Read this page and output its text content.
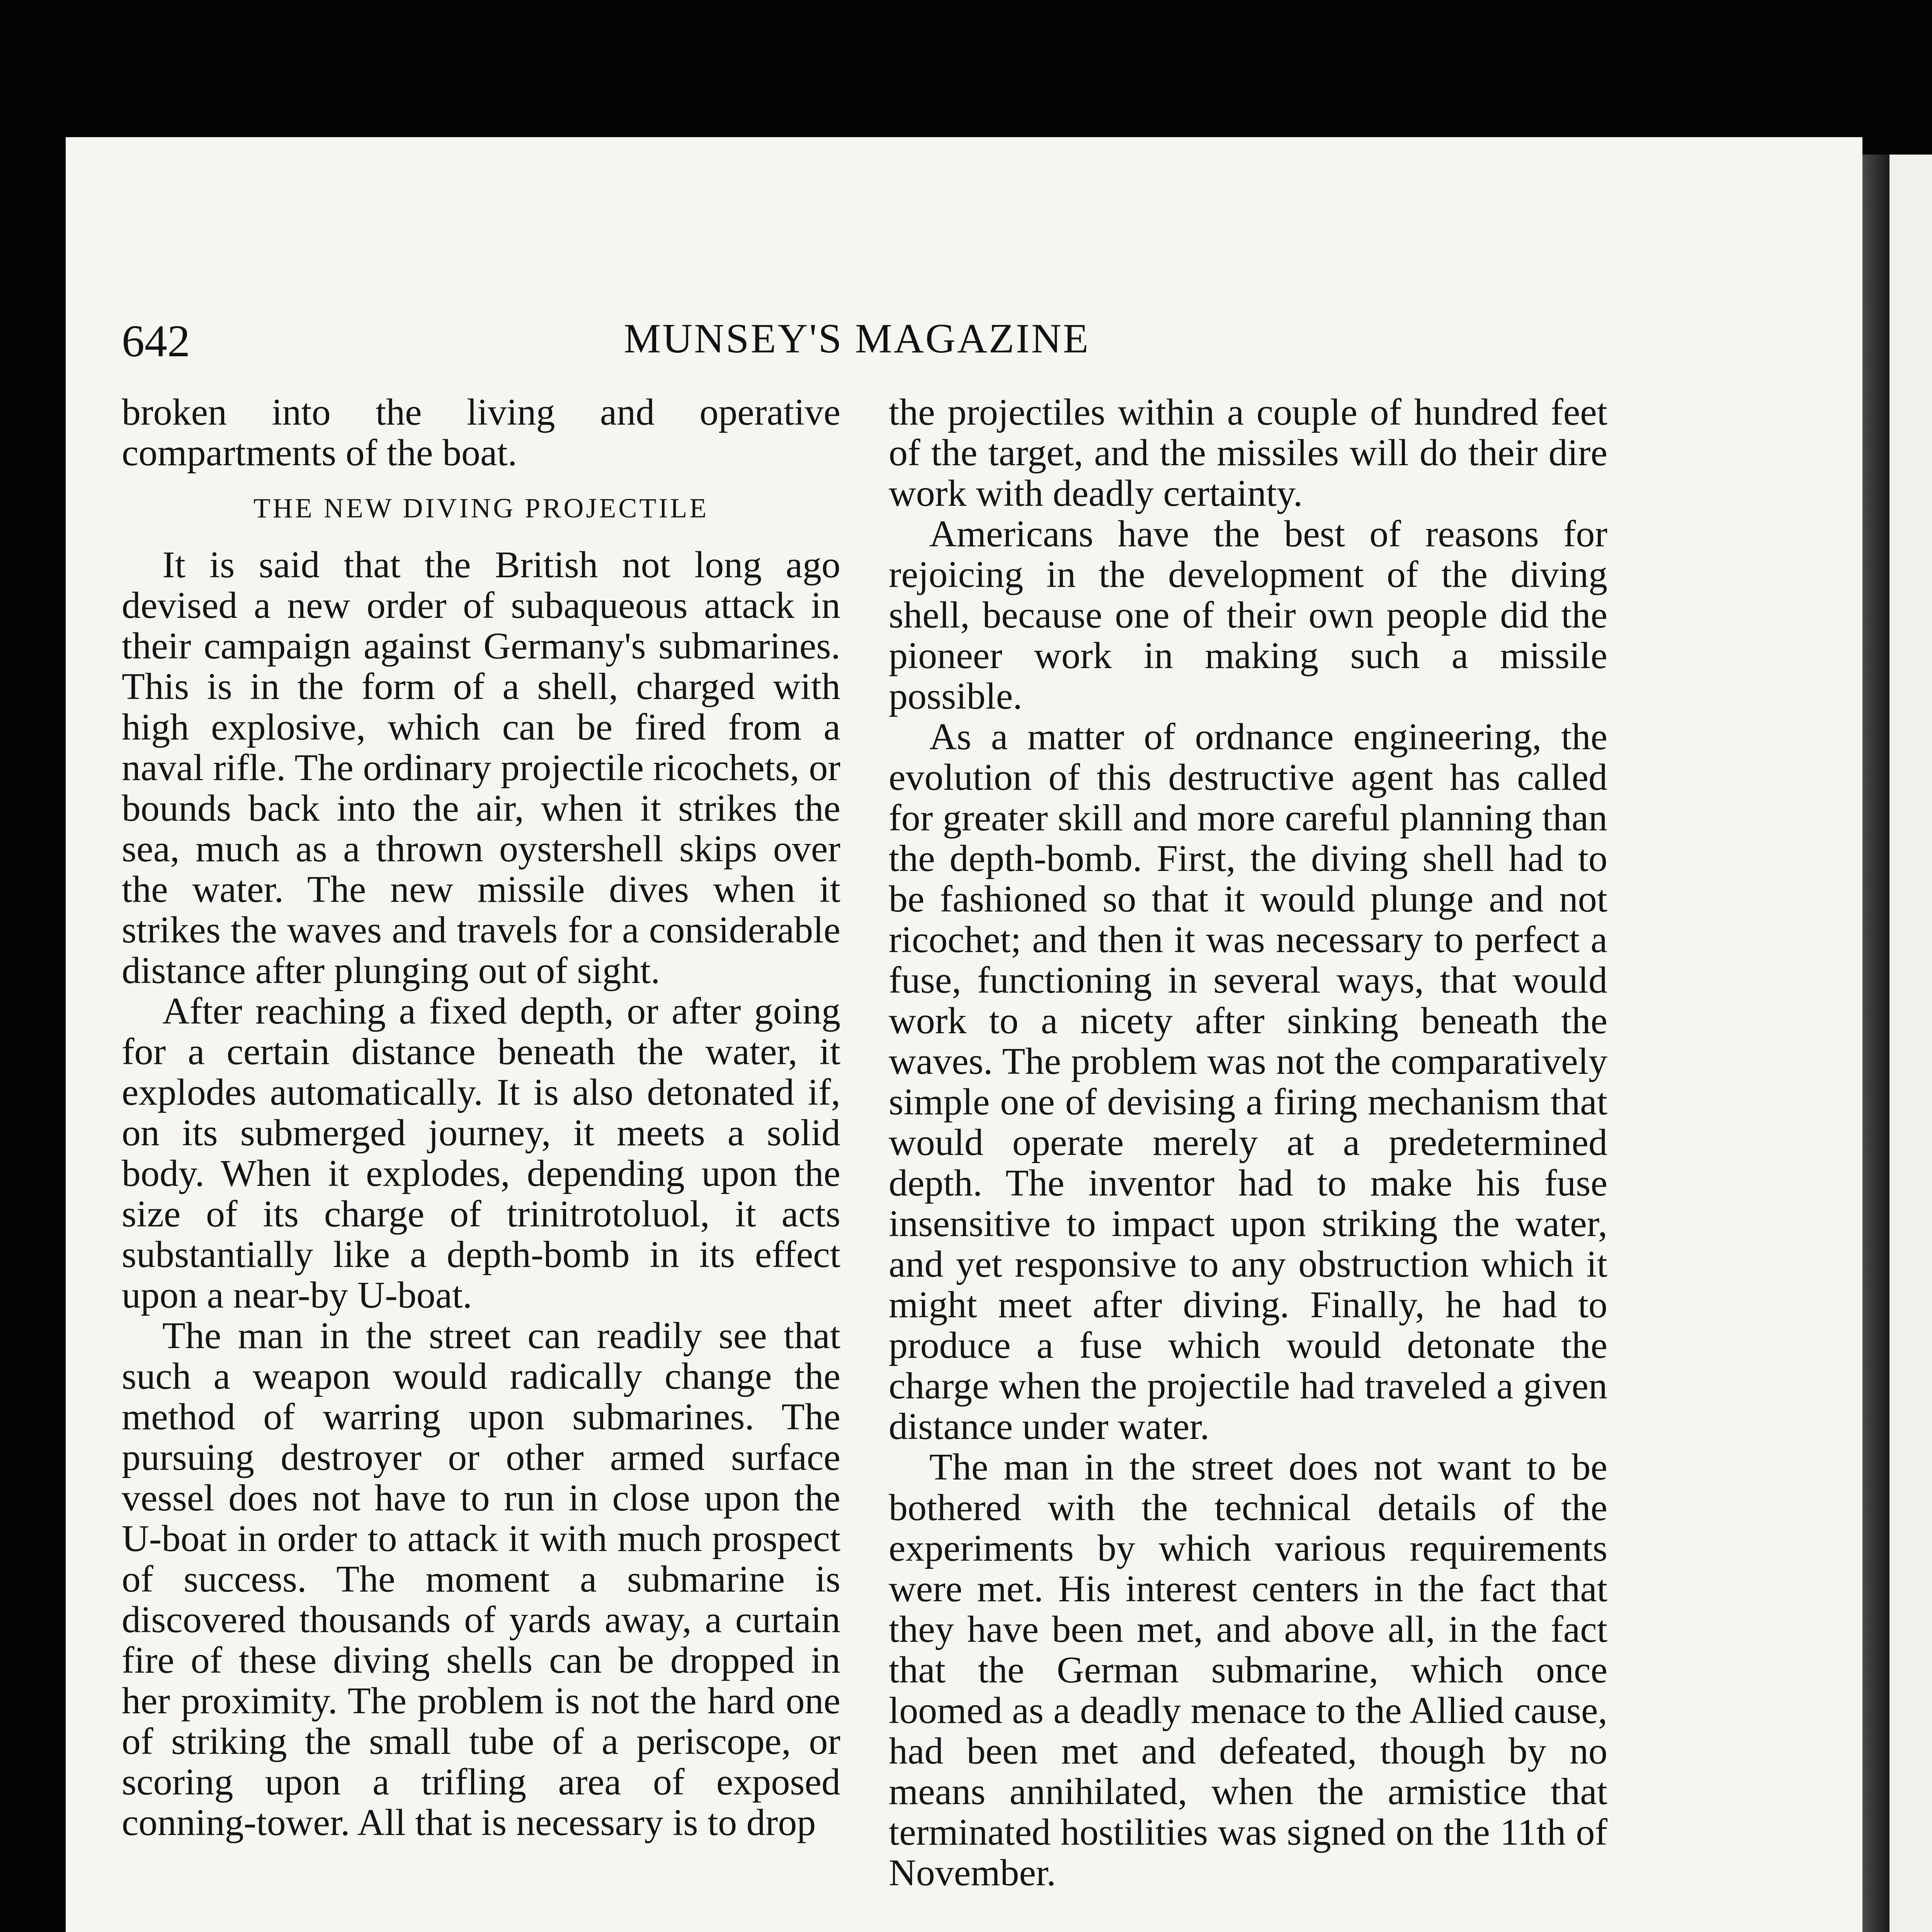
642	MUNSEY'S MAGAZINE

broken into the living and operative compartments of the boat.

THE NEW DIVING PROJECTILE

It is said that the British not long ago devised a new order of subaqueous attack in their campaign against Germany's submarines. This is in the form of a shell, charged with high explosive, which can be fired from a naval rifle. The ordinary projectile ricochets, or bounds back into the air, when it strikes the sea, much as a thrown oystershell skips over the water. The new missile dives when it strikes the waves and travels for a considerable distance after plunging out of sight.

After reaching a fixed depth, or after going for a certain distance beneath the water, it explodes automatically. It is also detonated if, on its submerged journey, it meets a solid body. When it explodes, depending upon the size of its charge of trinitrotoluol, it acts substantially like a depth-bomb in its effect upon a near-by U-boat.

The man in the street can readily see that such a weapon would radically change the method of warring upon submarines. The pursuing destroyer or other armed surface vessel does not have to run in close upon the U-boat in order to attack it with much prospect of success. The moment a submarine is discovered thousands of yards away, a curtain fire of these diving shells can be dropped in her proximity. The problem is not the hard one of striking the small tube of a periscope, or scoring upon a trifling area of exposed conning-tower. All that is necessary is to drop

the projectiles within a couple of hundred feet of the target, and the missiles will do their dire work with deadly certainty.

Americans have the best of reasons for rejoicing in the development of the diving shell, because one of their own people did the pioneer work in making such a missile possible.

As a matter of ordnance engineering, the evolution of this destructive agent has called for greater skill and more careful planning than the depth-bomb. First, the diving shell had to be fashioned so that it would plunge and not ricochet; and then it was necessary to perfect a fuse, functioning in several ways, that would work to a nicety after sinking beneath the waves. The problem was not the comparatively simple one of devising a firing mechanism that would operate merely at a predetermined depth. The inventor had to make his fuse insensitive to impact upon striking the water, and yet responsive to any obstruction which it might meet after diving. Finally, he had to produce a fuse which would detonate the charge when the projectile had traveled a given distance under water.

The man in the street does not want to be bothered with the technical details of the experiments by which various requirements were met. His interest centers in the fact that they have been met, and above all, in the fact that the German submarine, which once loomed as a deadly menace to the Allied cause, had been met and defeated, though by no means annihilated, when the armistice that terminated hostilities was signed on the 11th of November.
